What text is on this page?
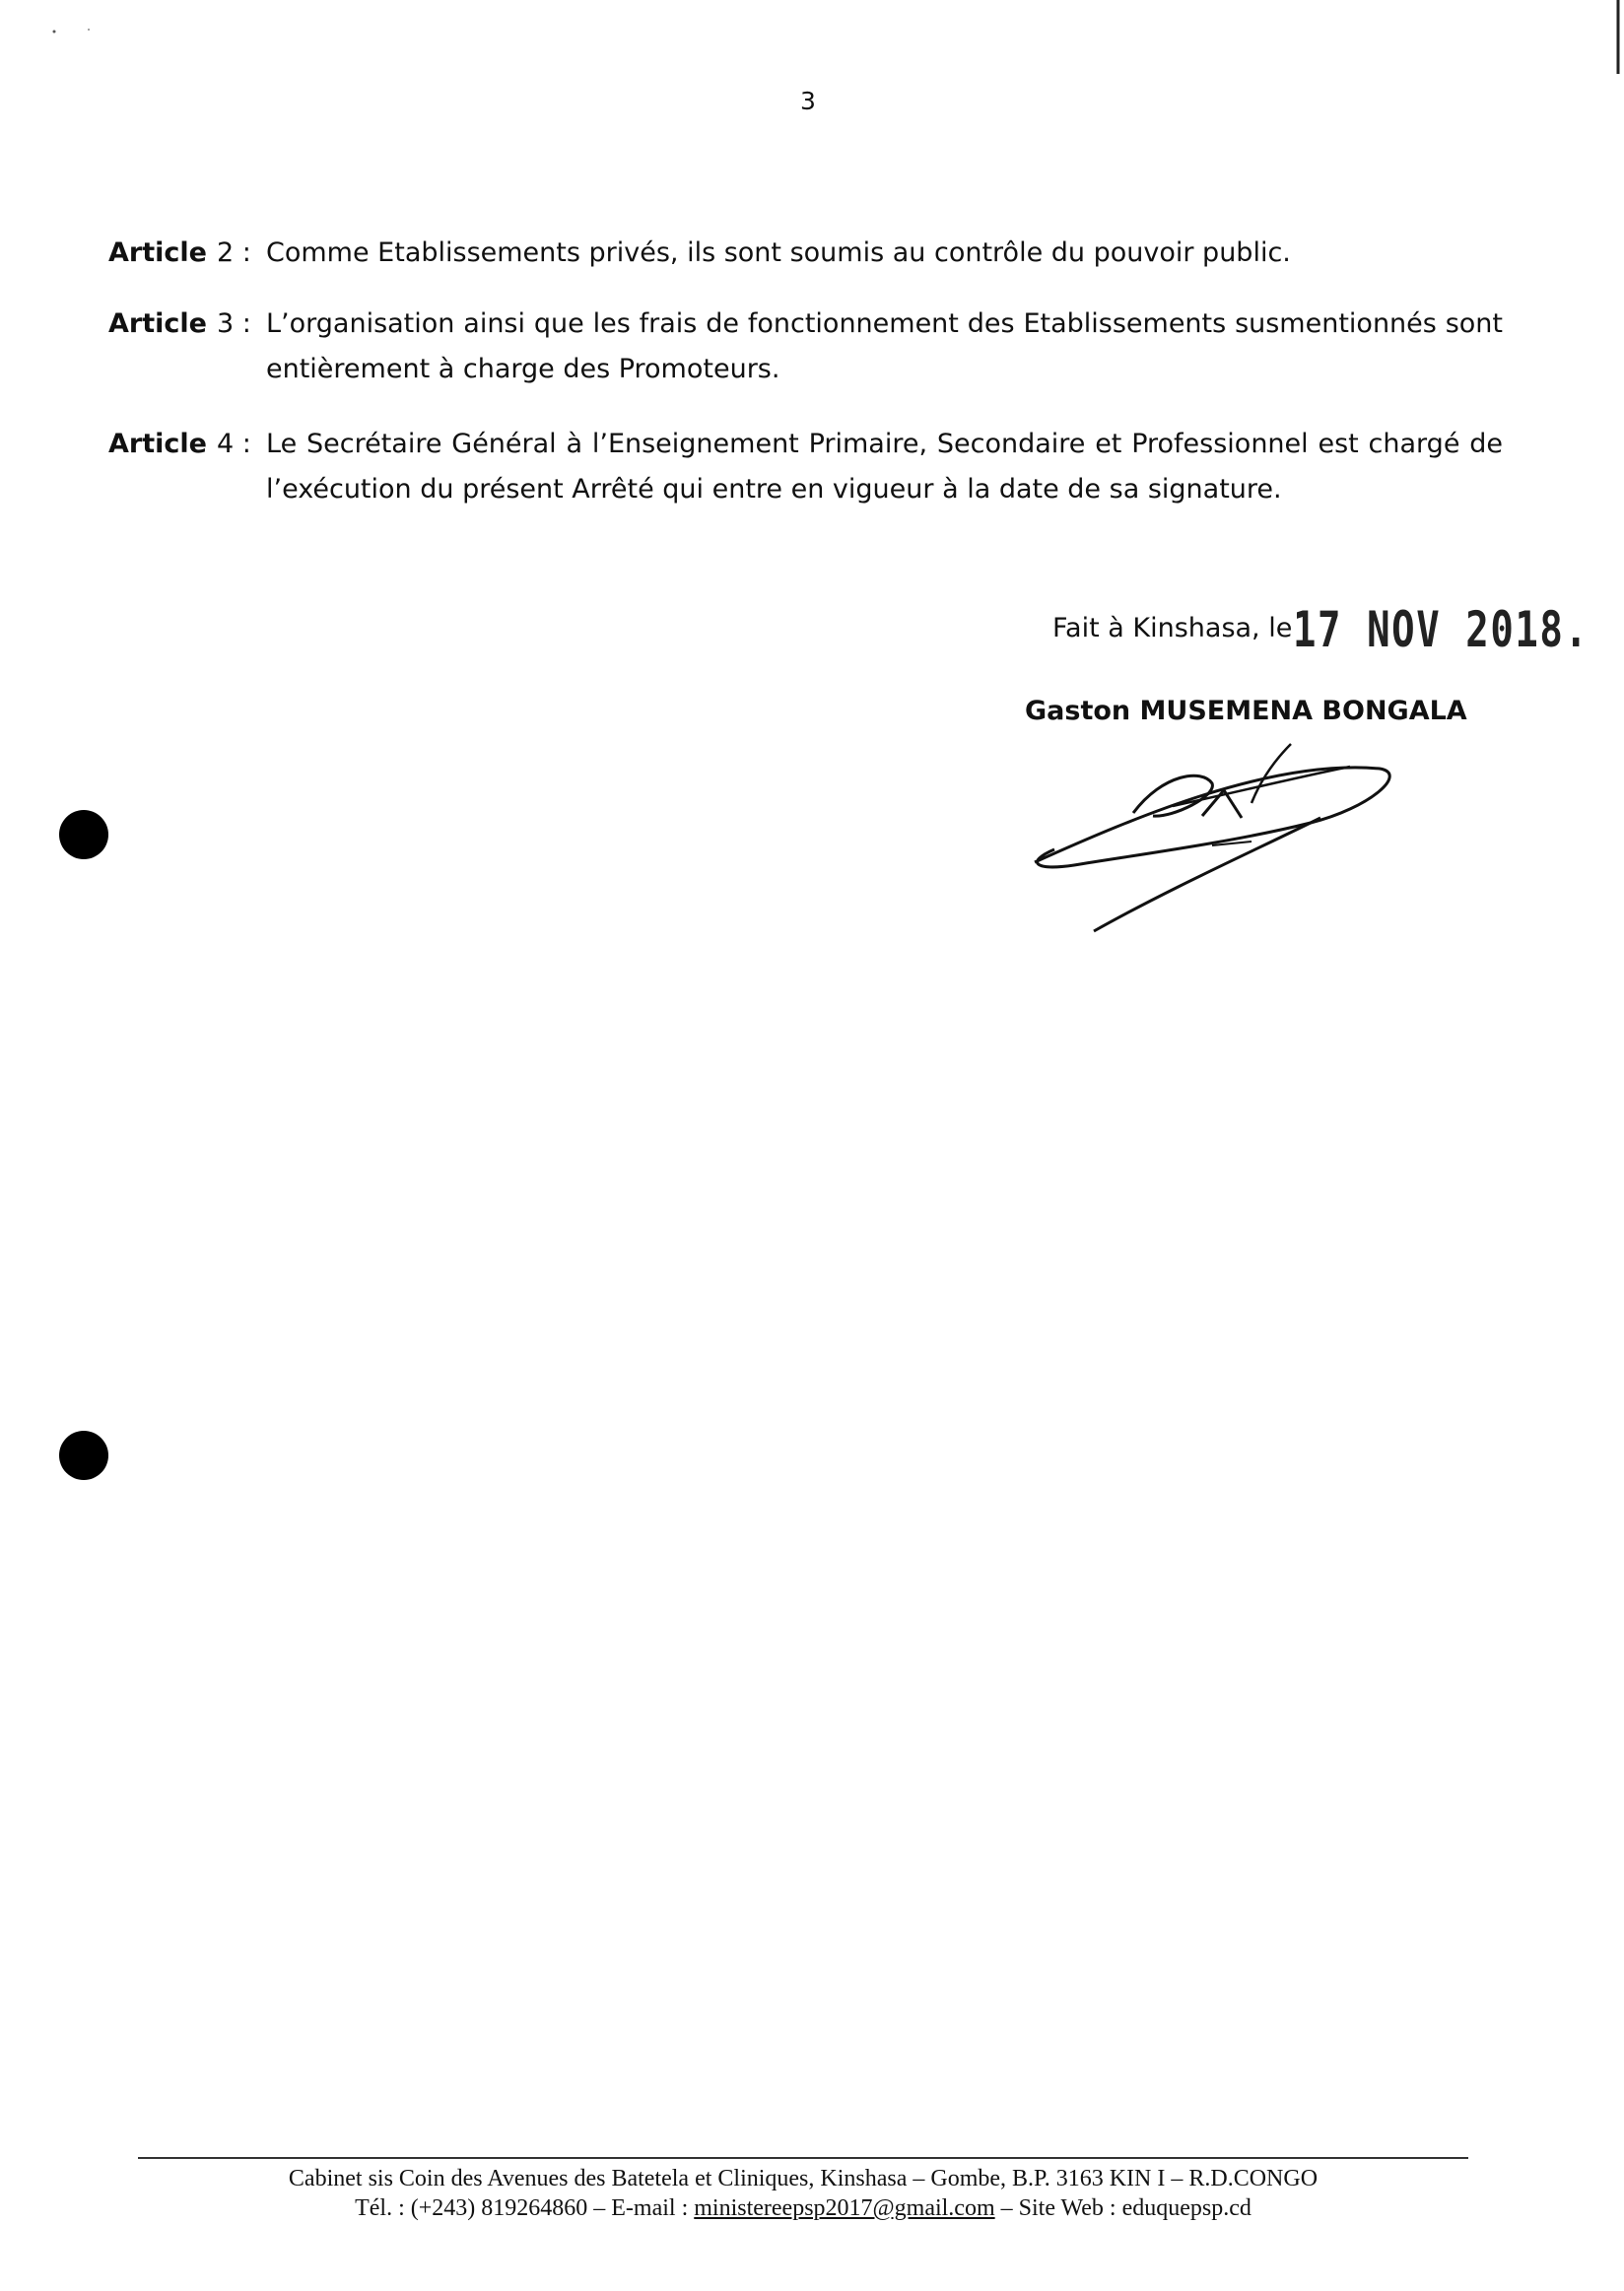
3
Article 2 : Comme Etablissements privés, ils sont soumis au contrôle du pouvoir public.
Article 3 : L’organisation ainsi que les frais de fonctionnement des Etablissements susmentionnés sont entièrement à charge des Promoteurs.
Article 4 : Le Secrétaire Général à l’Enseignement Primaire, Secondaire et Professionnel est chargé de l’exécution du présent Arrêté qui entre en vigueur à la date de sa signature.
Fait à Kinshasa, le 17 NOV 2018.
Gaston MUSEMENA BONGALA
Cabinet sis Coin des Avenues des Batetela et Cliniques, Kinshasa – Gombe, B.P. 3163 KIN I – R.D.CONGO
Tél. : (+243) 819264860 – E-mail : ministereepsp2017@gmail.com – Site Web : eduquepsp.cd
